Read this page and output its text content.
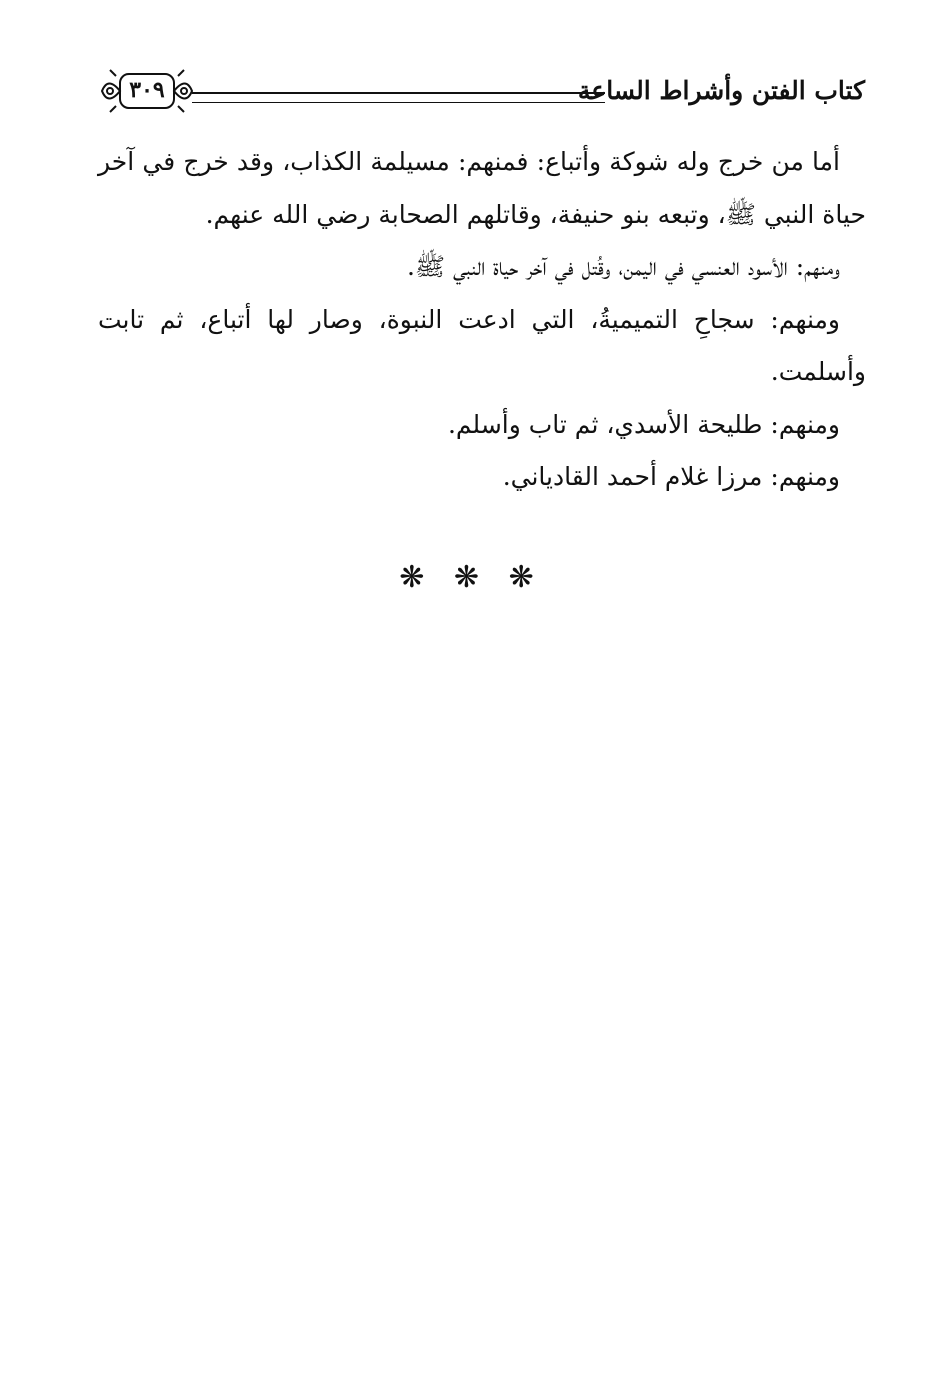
كتاب الفتن وأشراط الساعة
٣٠٩

أما من خرج وله شوكة وأتباع: فمنهم: مسيلمة الكذاب، وقد خرج في آخر حياة النبي ﷺ، وتبعه بنو حنيفة، وقاتلهم الصحابة رضي الله عنهم.

ومنهم: الأسود العنسي في اليمن، وقُتل في آخر حياة النبي ﷺ.

ومنهم: سجاحِ التميميةُ، التي ادعت النبوة، وصار لها أتباع، ثم تابت وأسلمت.

ومنهم: طليحة الأسدي، ثم تاب وأسلم.

ومنهم: مرزا غلام أحمد القادياني.

❋ ❋ ❋
